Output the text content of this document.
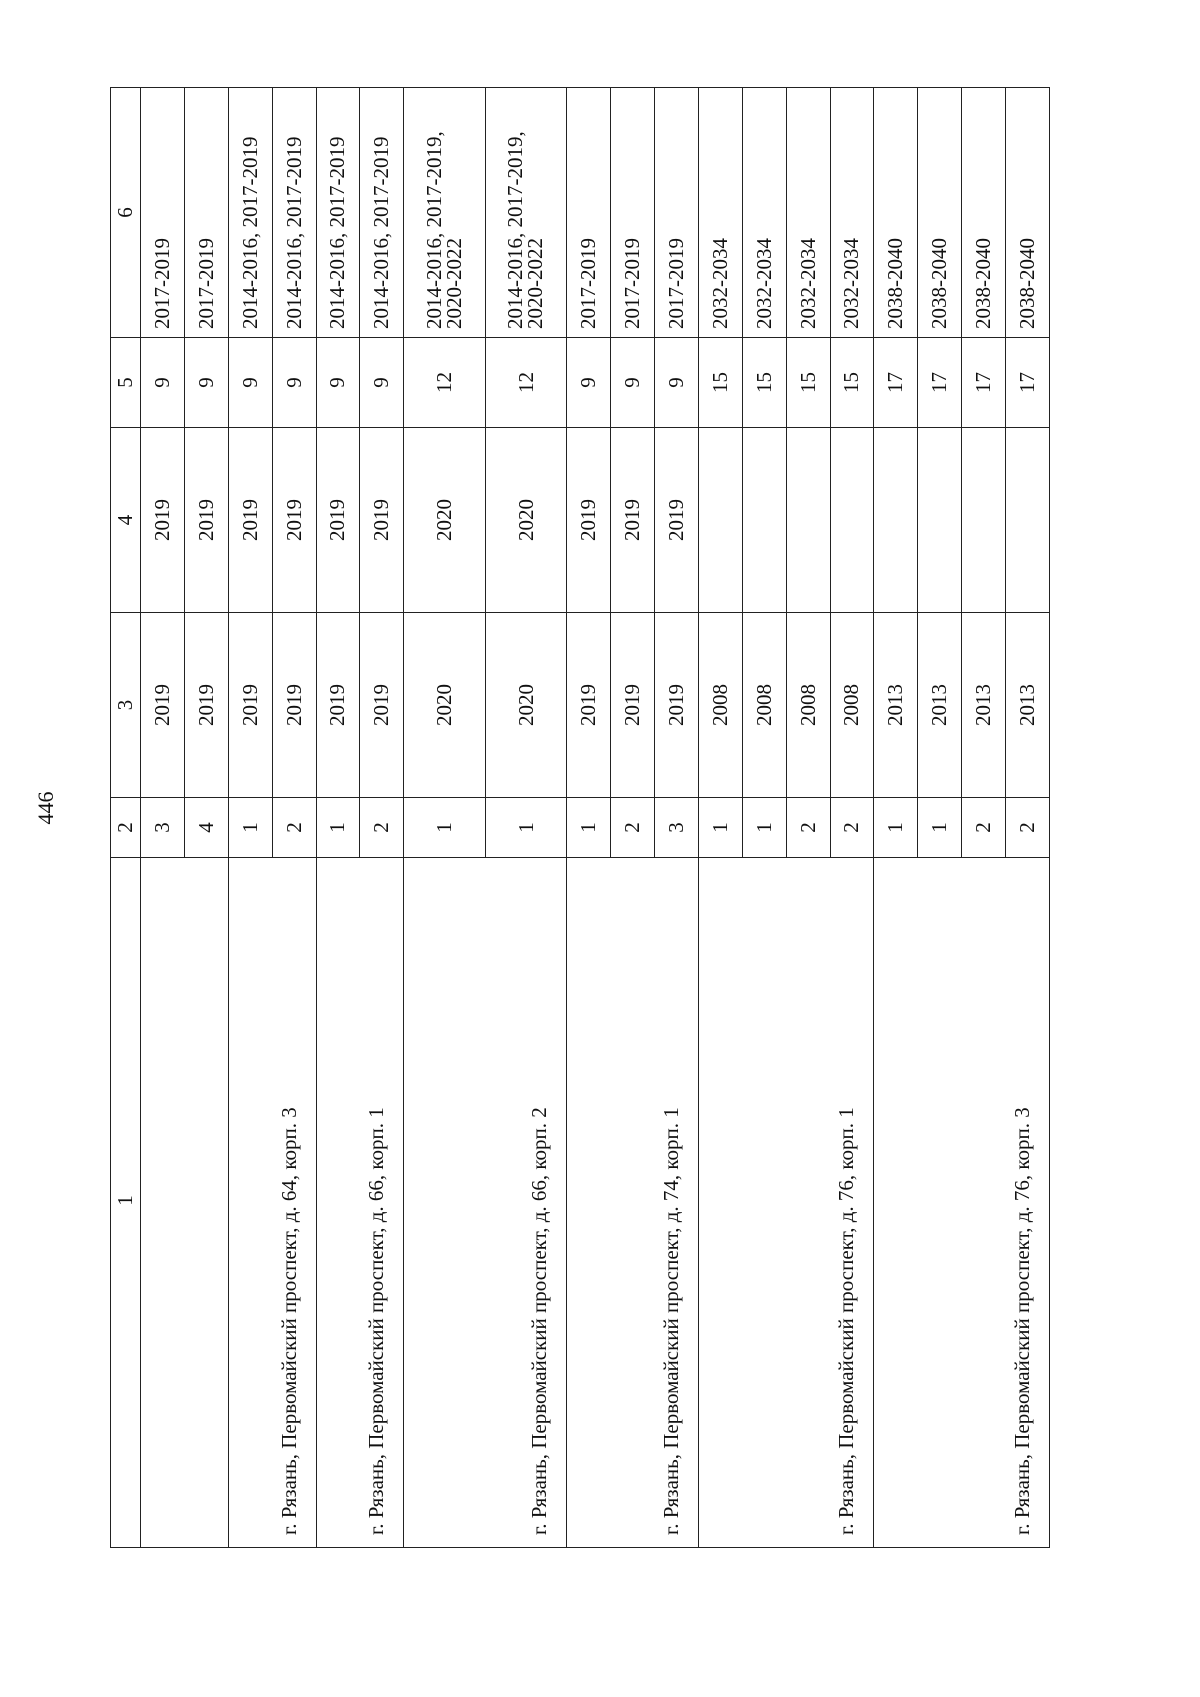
446
1	2	3	4	5	6
	3	2019	2019	9	2017-2019
	4	2019	2019	9	2017-2019
г. Рязань, Первомайский проспект, д. 64, корп. 3	1	2019	2019	9	2014-2016, 2017-2019
	2	2019	2019	9	2014-2016, 2017-2019
г. Рязань, Первомайский проспект, д. 66, корп. 1	1	2019	2019	9	2014-2016, 2017-2019
	2	2019	2019	9	2014-2016, 2017-2019
г. Рязань, Первомайский проспект, д. 66, корп. 2	1	2020	2020	12	2014-2016, 2017-2019, 2020-2022
	1	2020	2020	12	2014-2016, 2017-2019, 2020-2022
г. Рязань, Первомайский проспект, д. 74, корп. 1	1	2019	2019	9	2017-2019
	2	2019	2019	9	2017-2019
	3	2019	2019	9	2017-2019
г. Рязань, Первомайский проспект, д. 76, корп. 1	1	2008		15	2032-2034
	1	2008		15	2032-2034
	2	2008		15	2032-2034
	2	2008		15	2032-2034
г. Рязань, Первомайский проспект, д. 76, корп. 3	1	2013		17	2038-2040
	1	2013		17	2038-2040
	2	2013		17	2038-2040
	2	2013		17	2038-2040
